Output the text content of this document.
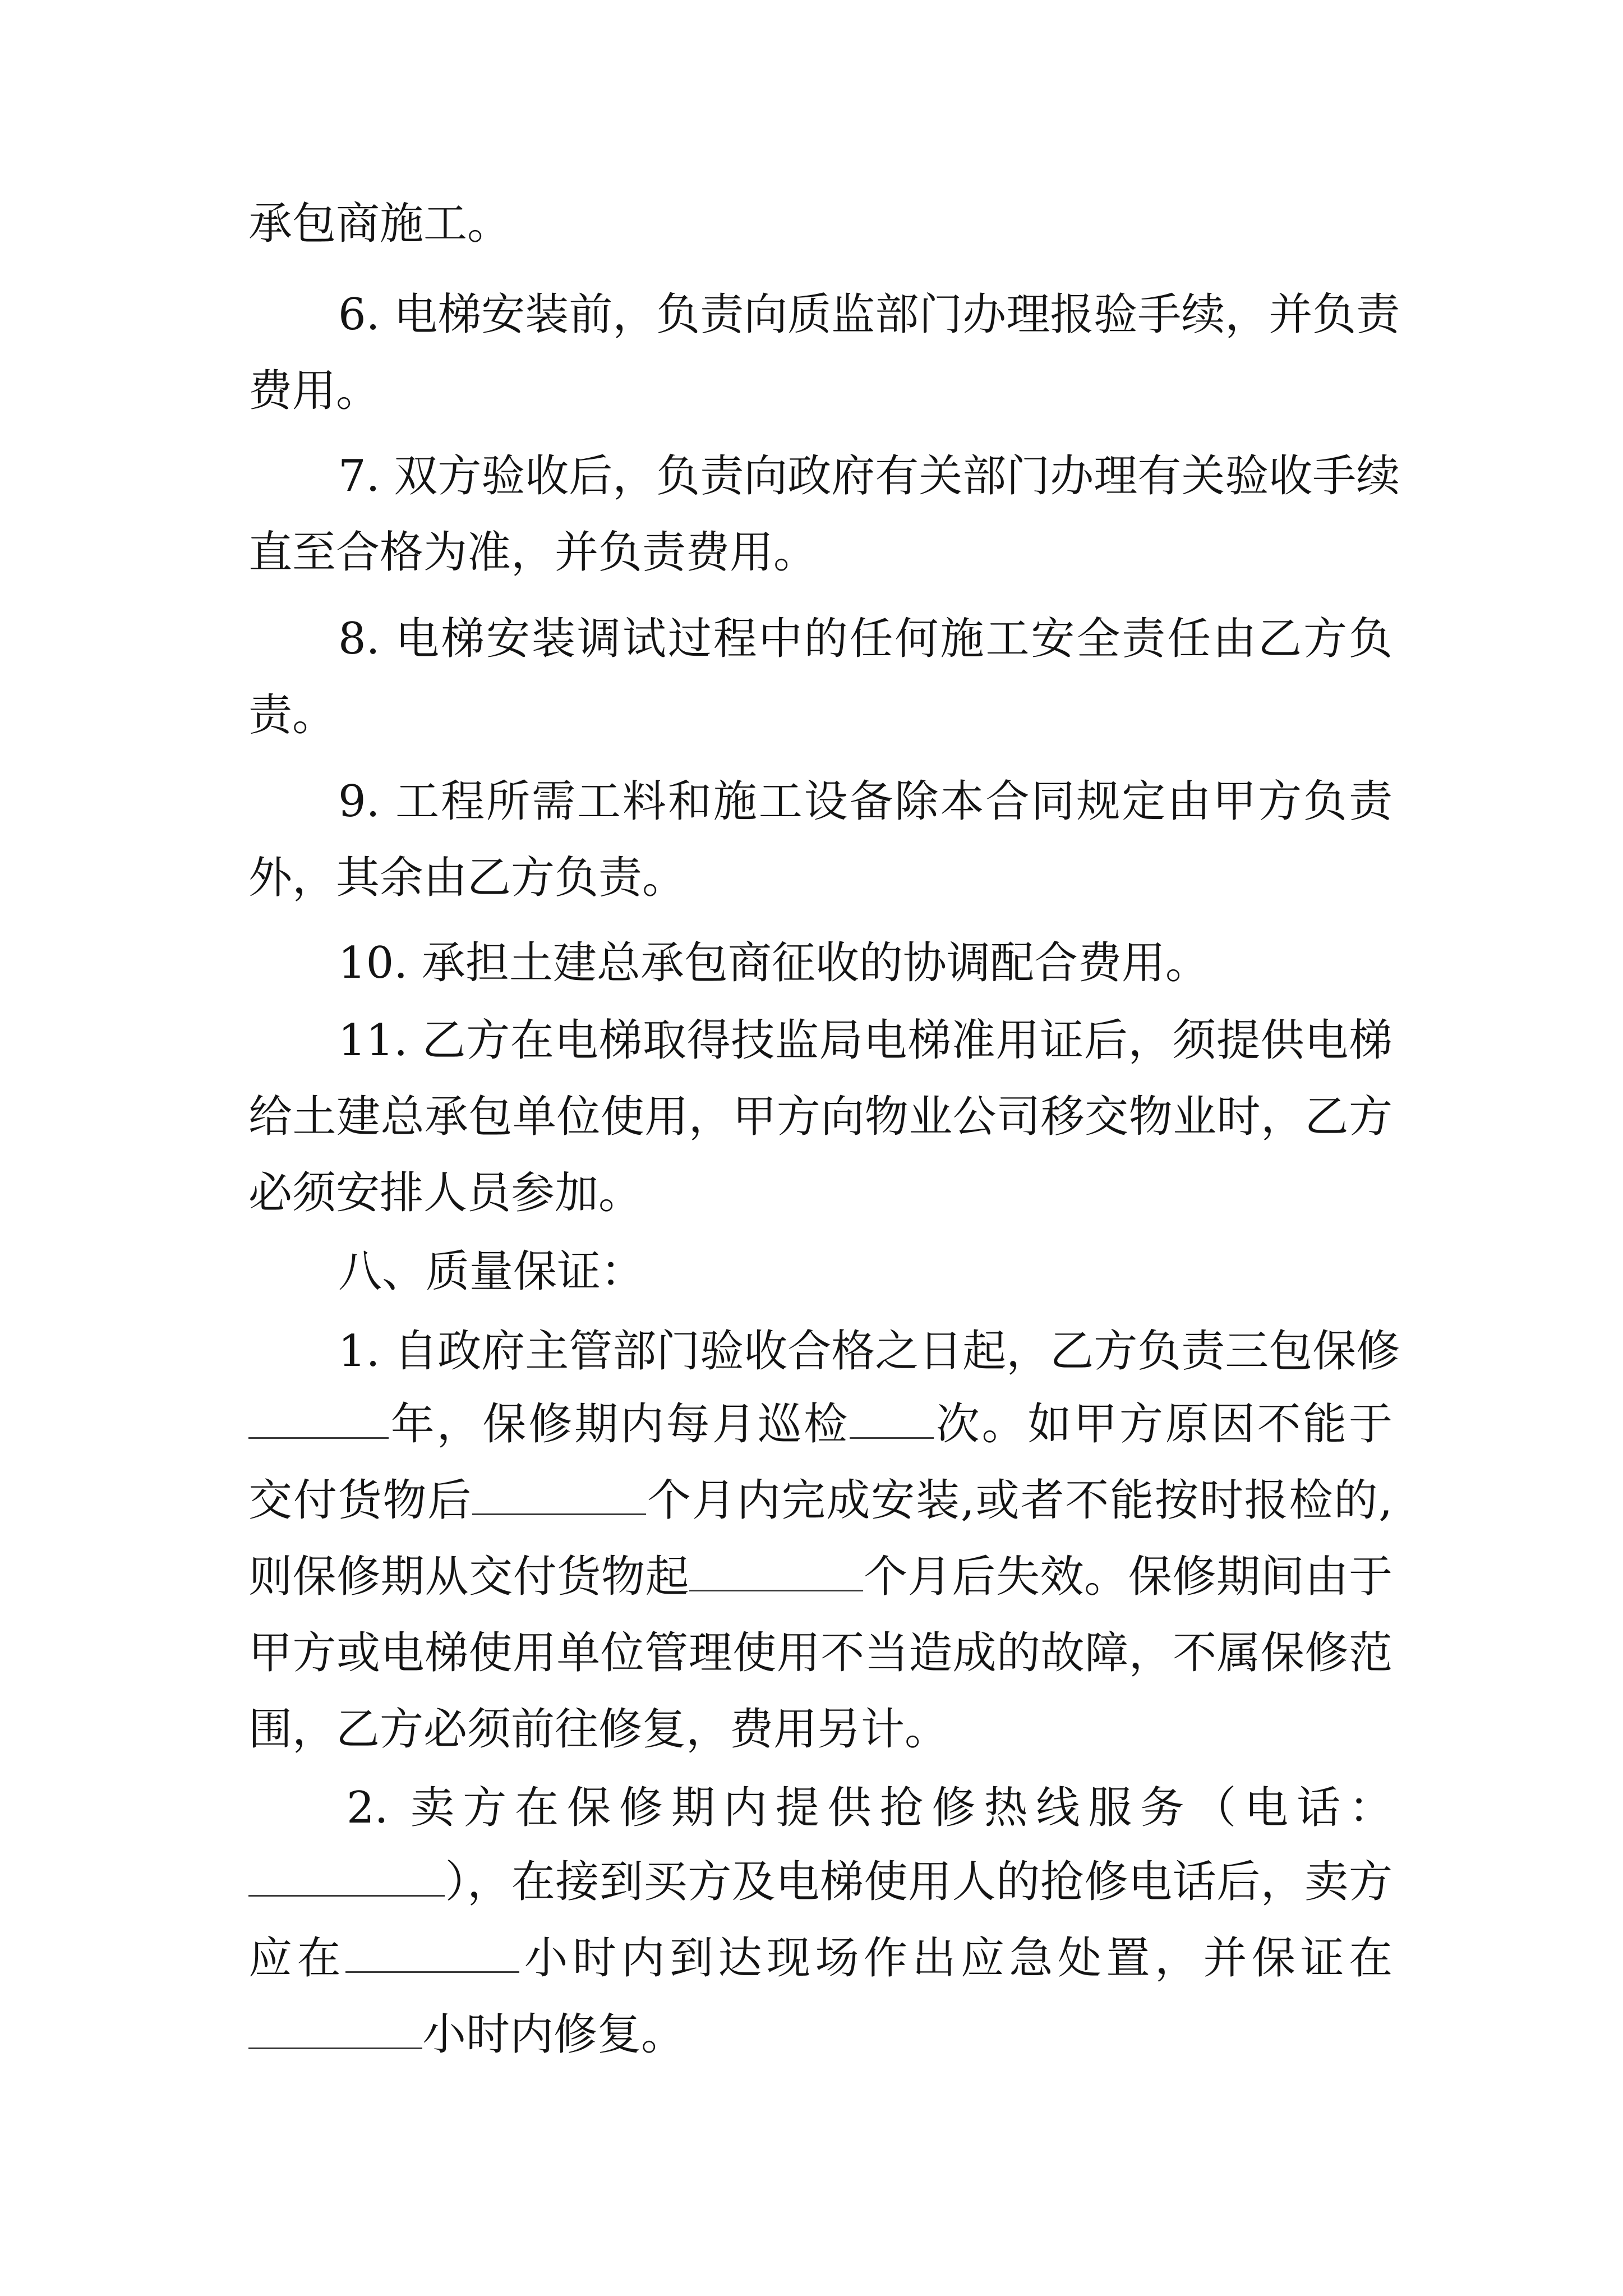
承包商施工。
6. 电梯安装前，负责向质监部门办理报验手续，并负责
费用。
7. 双方验收后，负责向政府有关部门办理有关验收手续
直至合格为准，并负责费用。
8. 电梯安装调试过程中的任何施工安全责任由乙方负
责。
9. 工程所需工料和施工设备除本合同规定由甲方负责
外，其余由乙方负责。
10. 承担土建总承包商征收的协调配合费用。
11. 乙方在电梯取得技监局电梯准用证后，须提供电梯
给土建总承包单位使用，甲方向物业公司移交物业时，乙方
必须安排人员参加。
八、质量保证：
1. 自政府主管部门验收合格之日起，乙方负责三包保修
年，保修期内每月巡检 次。如甲方原因不能于
交付货物后	个月内完成安装,或者不能按时报检的,
则保修期从交付货物起	个月后失效。保修期间由于
甲方或电梯使用单位管理使用不当造成的故障，不属保修范
围，乙方必须前往修复，费用另计。
2. 卖方在保修期内提供抢修热线服务（电话：
），在接到买方及电梯使用人的抢修电话后，卖方
应在	小时内到达现场作出应急处置，并保证在
小时内修复。
